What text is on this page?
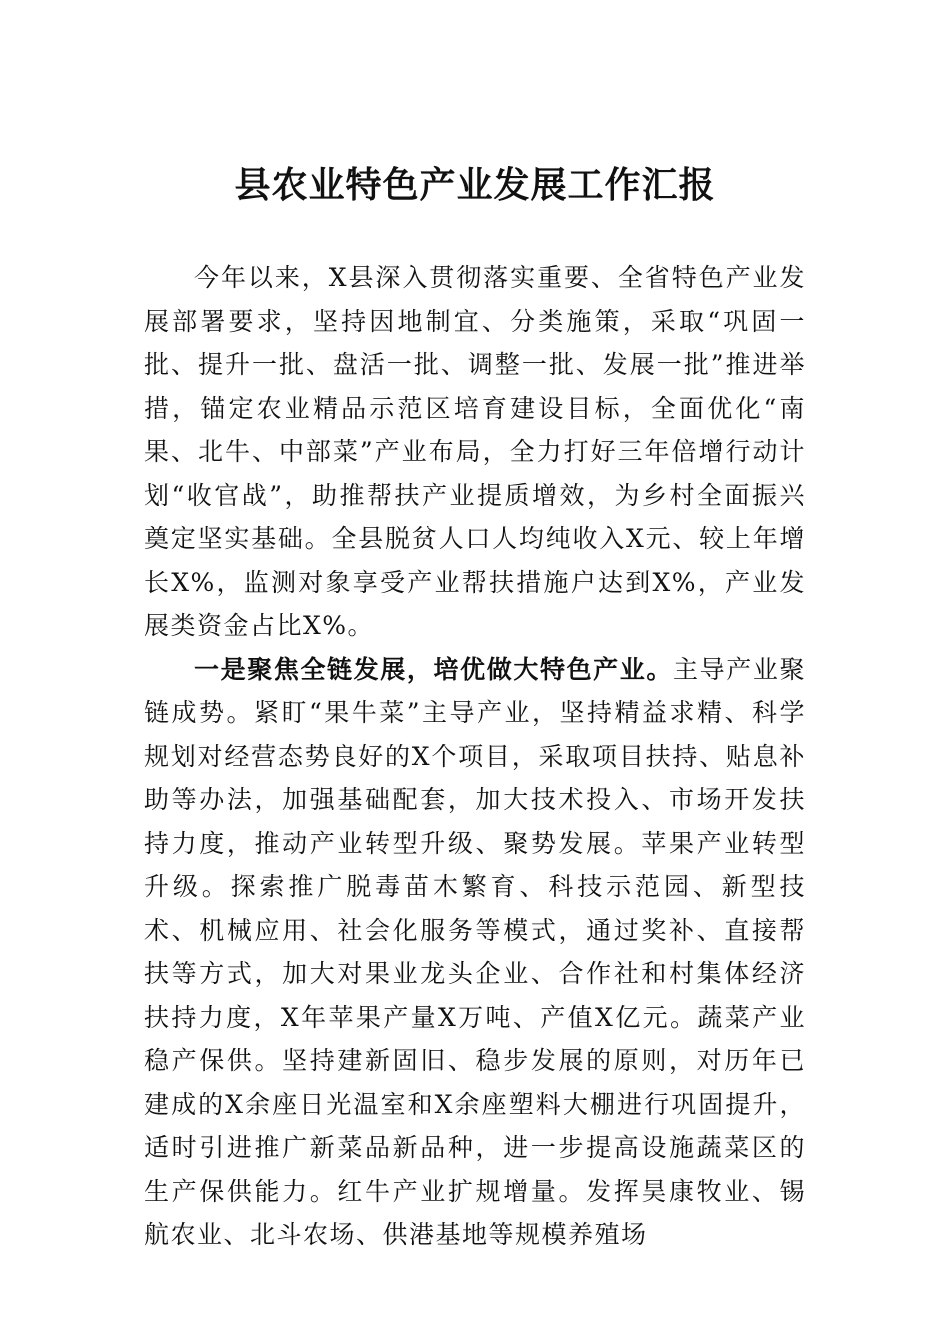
县农业特色产业发展工作汇报

今年以来，X县深入贯彻落实重要、全省特色产业发展部署要求，坚持因地制宜、分类施策，采取“巩固一批、提升一批、盘活一批、调整一批、发展一批”推进举措，锚定农业精品示范区培育建设目标，全面优化“南果、北牛、中部菜”产业布局，全力打好三年倍增行动计划“收官战”，助推帮扶产业提质增效，为乡村全面振兴奠定坚实基础。全县脱贫人口人均纯收入X元、较上年增长X%，监测对象享受产业帮扶措施户达到X%，产业发展类资金占比X%。

一是聚焦全链发展，培优做大特色产业。主导产业聚链成势。紧盯“果牛菜”主导产业，坚持精益求精、科学规划对经营态势良好的X个项目，采取项目扶持、贴息补助等办法，加强基础配套，加大技术投入、市场开发扶持力度，推动产业转型升级、聚势发展。苹果产业转型升级。探索推广脱毒苗木繁育、科技示范园、新型技术、机械应用、社会化服务等模式，通过奖补、直接帮扶等方式，加大对果业龙头企业、合作社和村集体经济扶持力度，X年苹果产量X万吨、产值X亿元。蔬菜产业稳产保供。坚持建新固旧、稳步发展的原则，对历年已建成的X余座日光温室和X余座塑料大棚进行巩固提升，适时引进推广新菜品新品种，进一步提高设施蔬菜区的生产保供能力。红牛产业扩规增量。发挥昊康牧业、锡航农业、北斗农场、供港基地等规模养殖场
